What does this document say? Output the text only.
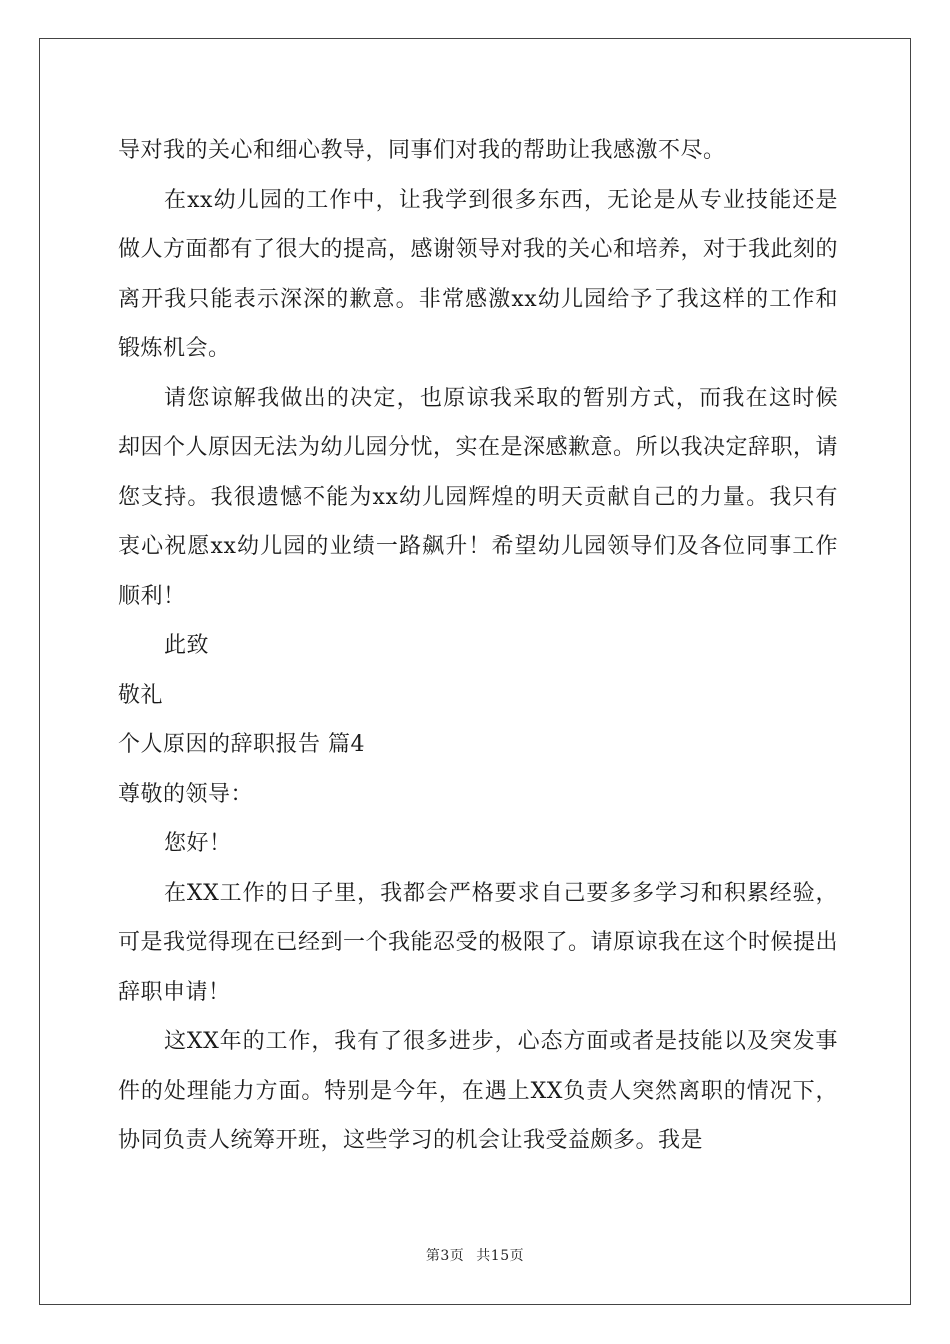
导对我的关心和细心教导，同事们对我的帮助让我感激不尽。

在xx幼儿园的工作中，让我学到很多东西，无论是从专业技能还是做人方面都有了很大的提高，感谢领导对我的关心和培养，对于我此刻的离开我只能表示深深的歉意。非常感激xx幼儿园给予了我这样的工作和锻炼机会。

请您谅解我做出的决定，也原谅我采取的暂别方式，而我在这时候却因个人原因无法为幼儿园分忧，实在是深感歉意。所以我决定辞职，请您支持。我很遗憾不能为xx幼儿园辉煌的明天贡献自己的力量。我只有衷心祝愿xx幼儿园的业绩一路飙升！希望幼儿园领导们及各位同事工作顺利！

此致

敬礼

个人原因的辞职报告 篇4

尊敬的领导：

您好！

在XX工作的日子里，我都会严格要求自己要多多学习和积累经验，可是我觉得现在已经到一个我能忍受的极限了。请原谅我在这个时候提出辞职申请！

这XX年的工作，我有了很多进步，心态方面或者是技能以及突发事件的处理能力方面。特别是今年，在遇上XX负责人突然离职的情况下，协同负责人统筹开班，这些学习的机会让我受益颇多。我是

第3页 共15页
